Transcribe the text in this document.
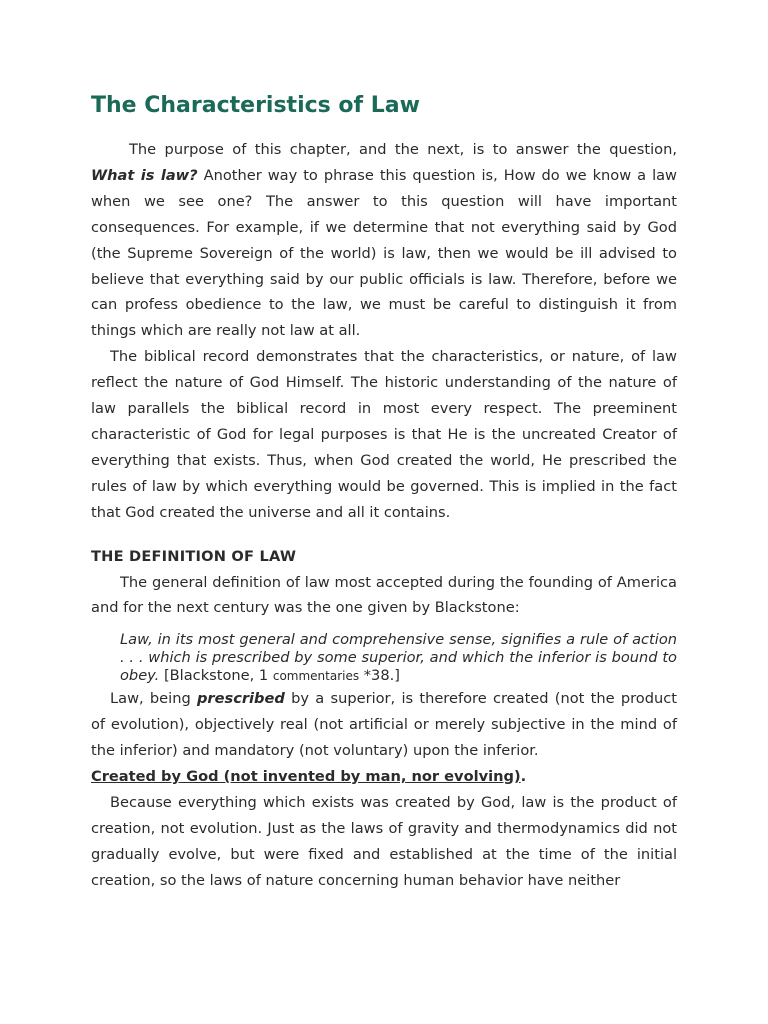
The Characteristics of Law

The purpose of this chapter, and the next, is to answer the question, What is law? Another way to phrase this question is, How do we know a law when we see one? The answer to this question will have important consequences. For example, if we determine that not everything said by God (the Supreme Sovereign of the world) is law, then we would be ill advised to believe that everything said by our public officials is law. Therefore, before we can profess obedience to the law, we must be careful to distinguish it from things which are really not law at all.

The biblical record demonstrates that the characteristics, or nature, of law reflect the nature of God Himself. The historic understanding of the nature of law parallels the biblical record in most every respect. The preeminent characteristic of God for legal purposes is that He is the uncreated Creator of everything that exists. Thus, when God created the world, He prescribed the rules of law by which everything would be governed. This is implied in the fact that God created the universe and all it contains.

THE DEFINITION OF LAW

The general definition of law most accepted during the founding of America and for the next century was the one given by Blackstone:

Law, in its most general and comprehensive sense, signifies a rule of action . . . which is prescribed by some superior, and which the inferior is bound to obey. [Blackstone, 1 commentaries *38.]

Law, being prescribed by a superior, is therefore created (not the product of evolution), objectively real (not artificial or merely subjective in the mind of the inferior) and mandatory (not voluntary) upon the inferior.

Created by God (not invented by man, nor evolving).

Because everything which exists was created by God, law is the product of creation, not evolution. Just as the laws of gravity and thermodynamics did not gradually evolve, but were fixed and established at the time of the initial creation, so the laws of nature concerning human behavior have neither
